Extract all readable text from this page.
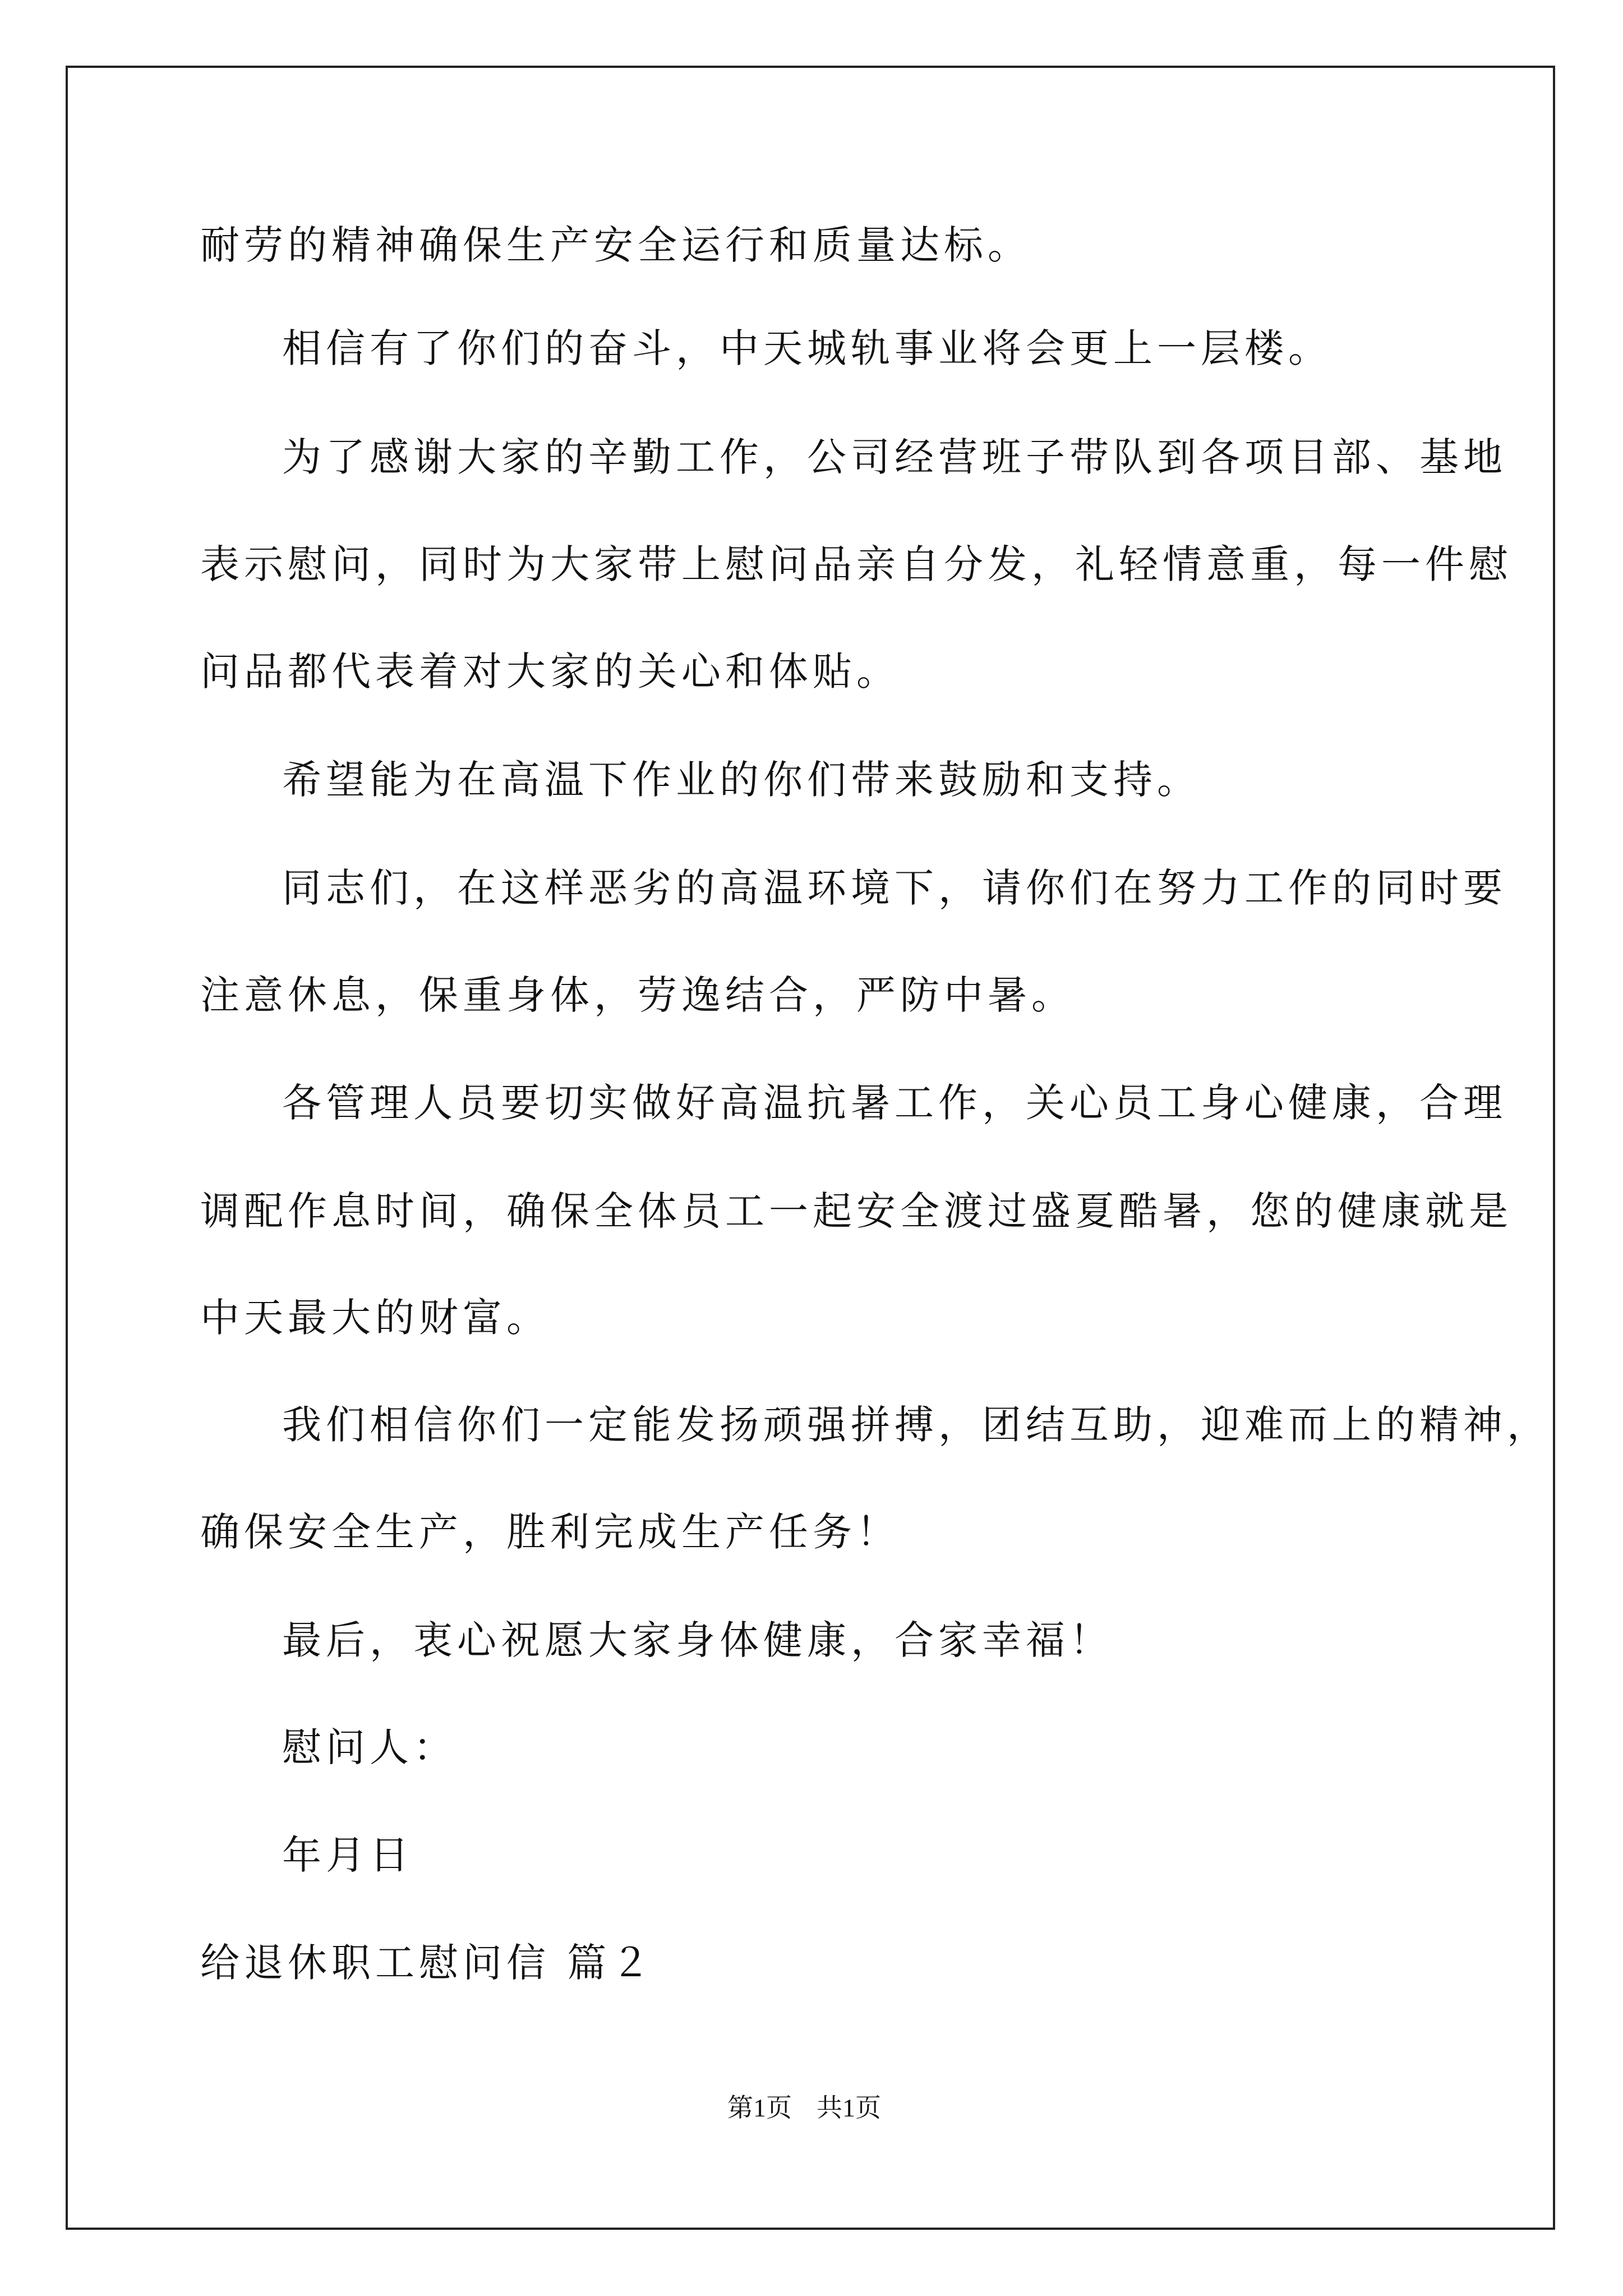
耐劳的精神确保生产安全运行和质量达标。
相信有了你们的奋斗，中天城轨事业将会更上一层楼。
为了感谢大家的辛勤工作，公司经营班子带队到各项目部、基地
表示慰问，同时为大家带上慰问品亲自分发，礼轻情意重，每一件慰
问品都代表着对大家的关心和体贴。
希望能为在高温下作业的你们带来鼓励和支持。
同志们，在这样恶劣的高温环境下，请你们在努力工作的同时要
注意休息，保重身体，劳逸结合，严防中暑。
各管理人员要切实做好高温抗暑工作，关心员工身心健康，合理
调配作息时间，确保全体员工一起安全渡过盛夏酷暑，您的健康就是
中天最大的财富。
我们相信你们一定能发扬顽强拼搏，团结互助，迎难而上的精神，
确保安全生产，胜利完成生产任务！
最后，衷心祝愿大家身体健康，合家幸福！
慰问人：
年月日
给退休职工慰问信 篇２
第1页 共1页
